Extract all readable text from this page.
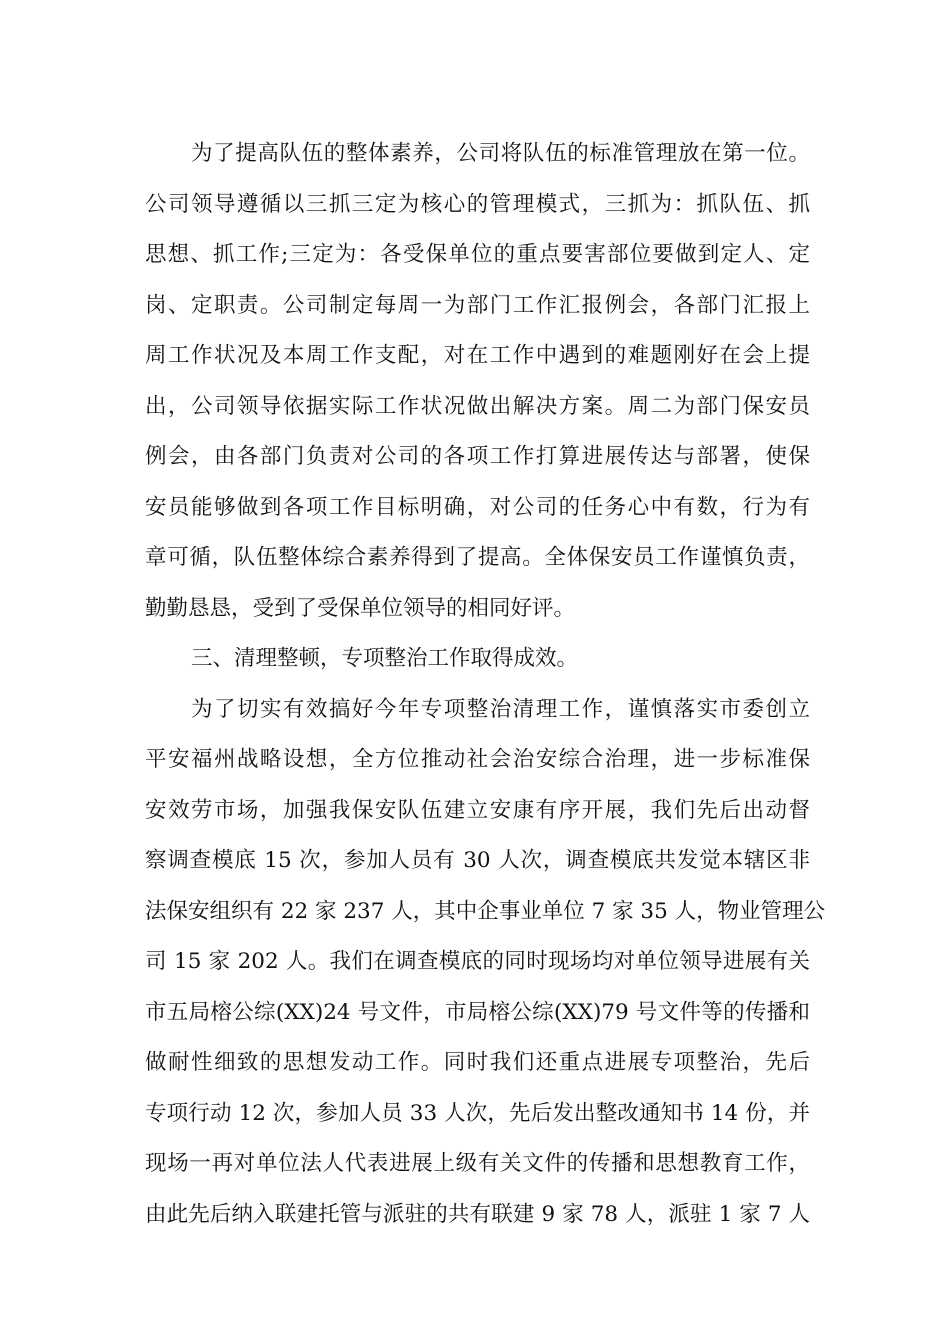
为了提高队伍的整体素养，公司将队伍的标准管理放在第一位。
公司领导遵循以三抓三定为核心的管理模式，三抓为：抓队伍、抓
思想、抓工作;三定为：各受保单位的重点要害部位要做到定人、定
岗、定职责。公司制定每周一为部门工作汇报例会，各部门汇报上
周工作状况及本周工作支配，对在工作中遇到的难题刚好在会上提
出，公司领导依据实际工作状况做出解决方案。周二为部门保安员
例会，由各部门负责对公司的各项工作打算进展传达与部署，使保
安员能够做到各项工作目标明确，对公司的任务心中有数，行为有
章可循，队伍整体综合素养得到了提高。全体保安员工作谨慎负责，
勤勤恳恳，受到了受保单位领导的相同好评。
三、清理整顿，专项整治工作取得成效。
为了切实有效搞好今年专项整治清理工作，谨慎落实市委创立
平安福州战略设想，全方位推动社会治安综合治理，进一步标准保
安效劳市场，加强我保安队伍建立安康有序开展，我们先后出动督
察调查模底 15 次，参加人员有 30 人次，调查模底共发觉本辖区非
法保安组织有 22 家 237 人，其中企事业单位 7 家 35 人，物业管理公
司 15 家 202 人。我们在调查模底的同时现场均对单位领导进展有关
市五局榕公综(XX)24 号文件，市局榕公综(XX)79 号文件等的传播和
做耐性细致的思想发动工作。同时我们还重点进展专项整治，先后
专项行动 12 次，参加人员 33 人次，先后发出整改通知书 14 份，并
现场一再对单位法人代表进展上级有关文件的传播和思想教育工作，
由此先后纳入联建托管与派驻的共有联建 9 家 78 人，派驻 1 家 7 人
